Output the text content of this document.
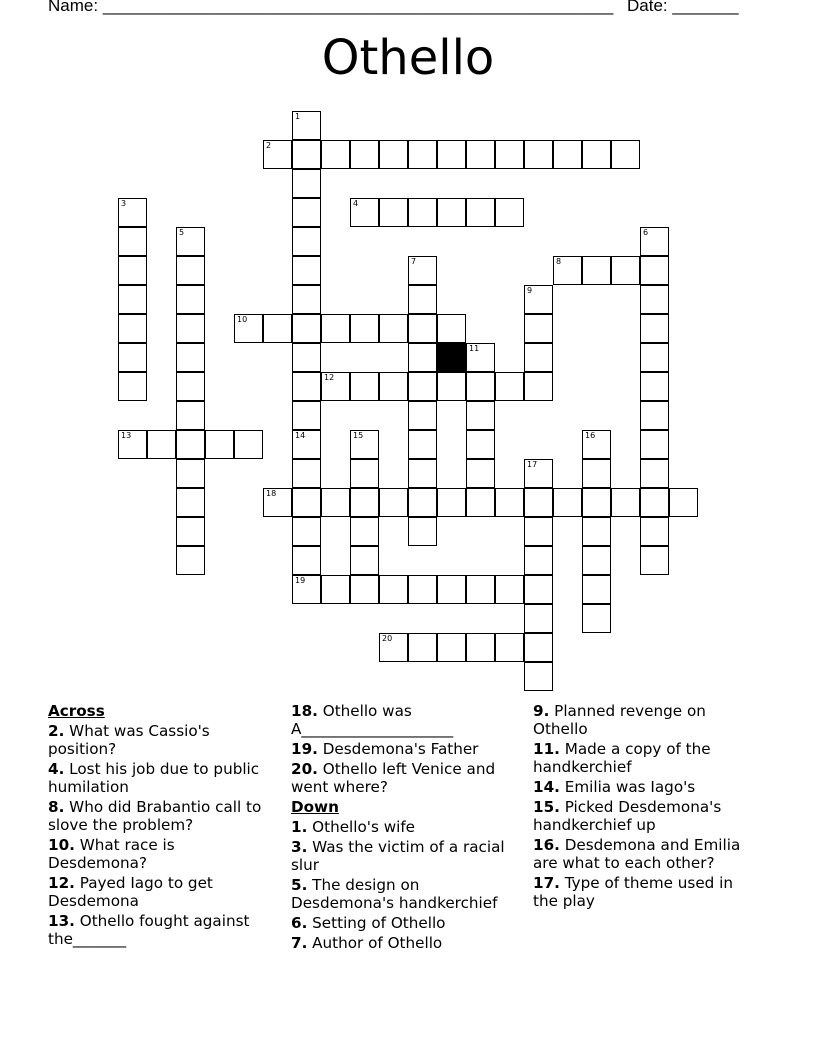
Name: ______________________________________________________ Date: _______
Othello
1
14
19
2
3	4
5	6
7	8
9
10
11
12
13	15	16
17
18
20
Across
2. What was Cassio's position?
4. Lost his job due to public humilation
8. Who did Brabantio call to slove the problem?
10. What race is Desdemona?
12. Payed Iago to get Desdemona
13. Othello fought against the_______
18. Othello was A____________________
19. Desdemona's Father
20. Othello left Venice and went where?
Down
1. Othello's wife
3. Was the victim of a racial slur
5. The design on Desdemona's handkerchief
6. Setting of Othello
7. Author of Othello
9. Planned revenge on Othello
11. Made a copy of the handkerchief
14. Emilia was Iago's
15. Picked Desdemona's handkerchief up
16. Desdemona and Emilia are what to each other?
17. Type of theme used in the play
